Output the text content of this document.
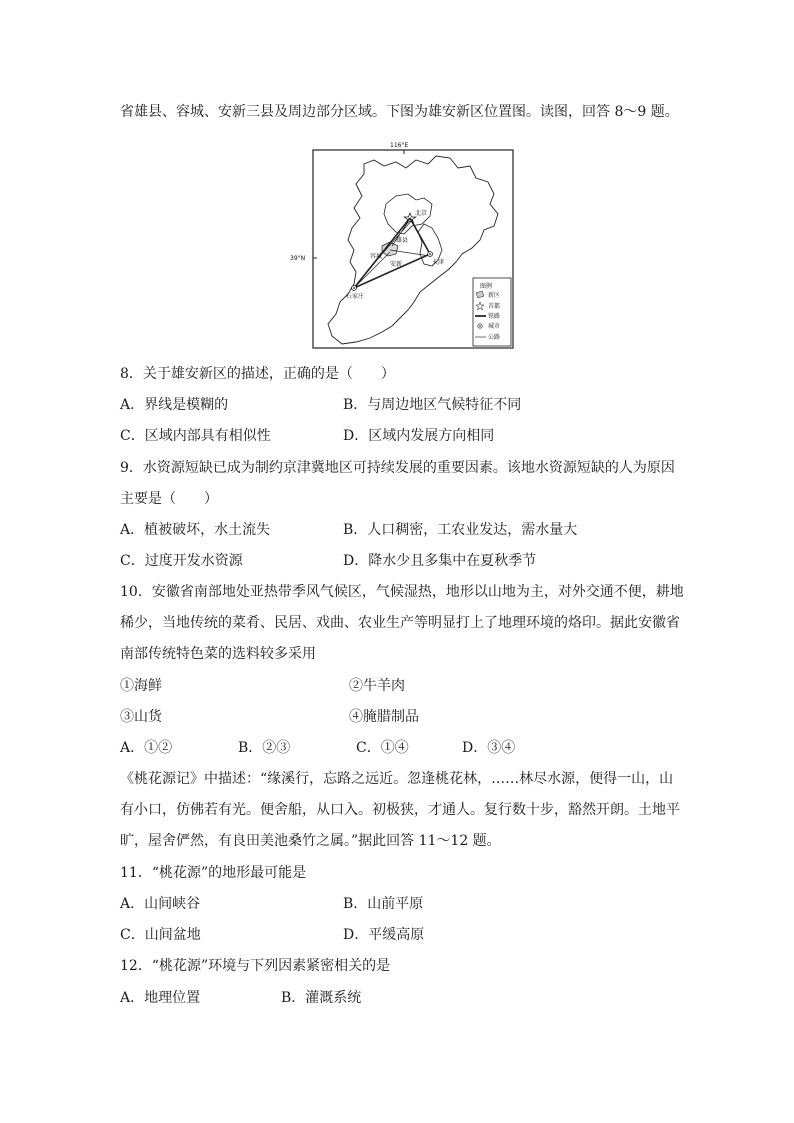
省雄县、容城、安新三县及周边部分区域。下图为雄安新区位置图。读图，回答 8～9 题。
116°E
39°N
北京
天津
石家庄
容城
雄县
安新
图例
新区
首都
铁路
城市
公路
8．关于雄安新区的描述，正确的是（　　）
A．界线是模糊的	B．与周边地区气候特征不同
C．区域内部具有相似性	D．区域内发展方向相同
9．水资源短缺已成为制约京津冀地区可持续发展的重要因素。该地水资源短缺的人为原因
主要是（　　）
A．植被破坏，水土流失	B．人口稠密，工农业发达，需水量大
C．过度开发水资源	D．降水少且多集中在夏秋季节
10．安徽省南部地处亚热带季风气候区，气候湿热，地形以山地为主，对外交通不便，耕地
稀少，当地传统的菜肴、民居、戏曲、农业生产等明显打上了地理环境的烙印。据此安徽省
南部传统特色菜的选料较多采用
①海鲜	②牛羊肉
③山货	④腌腊制品
A．①②	B．②③	C．①④	D．③④
《桃花源记》中描述：“缘溪行，忘路之远近。忽逢桃花林，……林尽水源，便得一山，山
有小口，仿佛若有光。便舍船，从口入。初极狭，才通人。复行数十步，豁然开朗。土地平
旷，屋舍俨然，有良田美池桑竹之属。”据此回答 11～12 题。
11．“桃花源”的地形最可能是
A．山间峡谷	B．山前平原
C．山间盆地	D．平缓高原
12．“桃花源”环境与下列因素紧密相关的是
A．地理位置	B．灌溉系统
